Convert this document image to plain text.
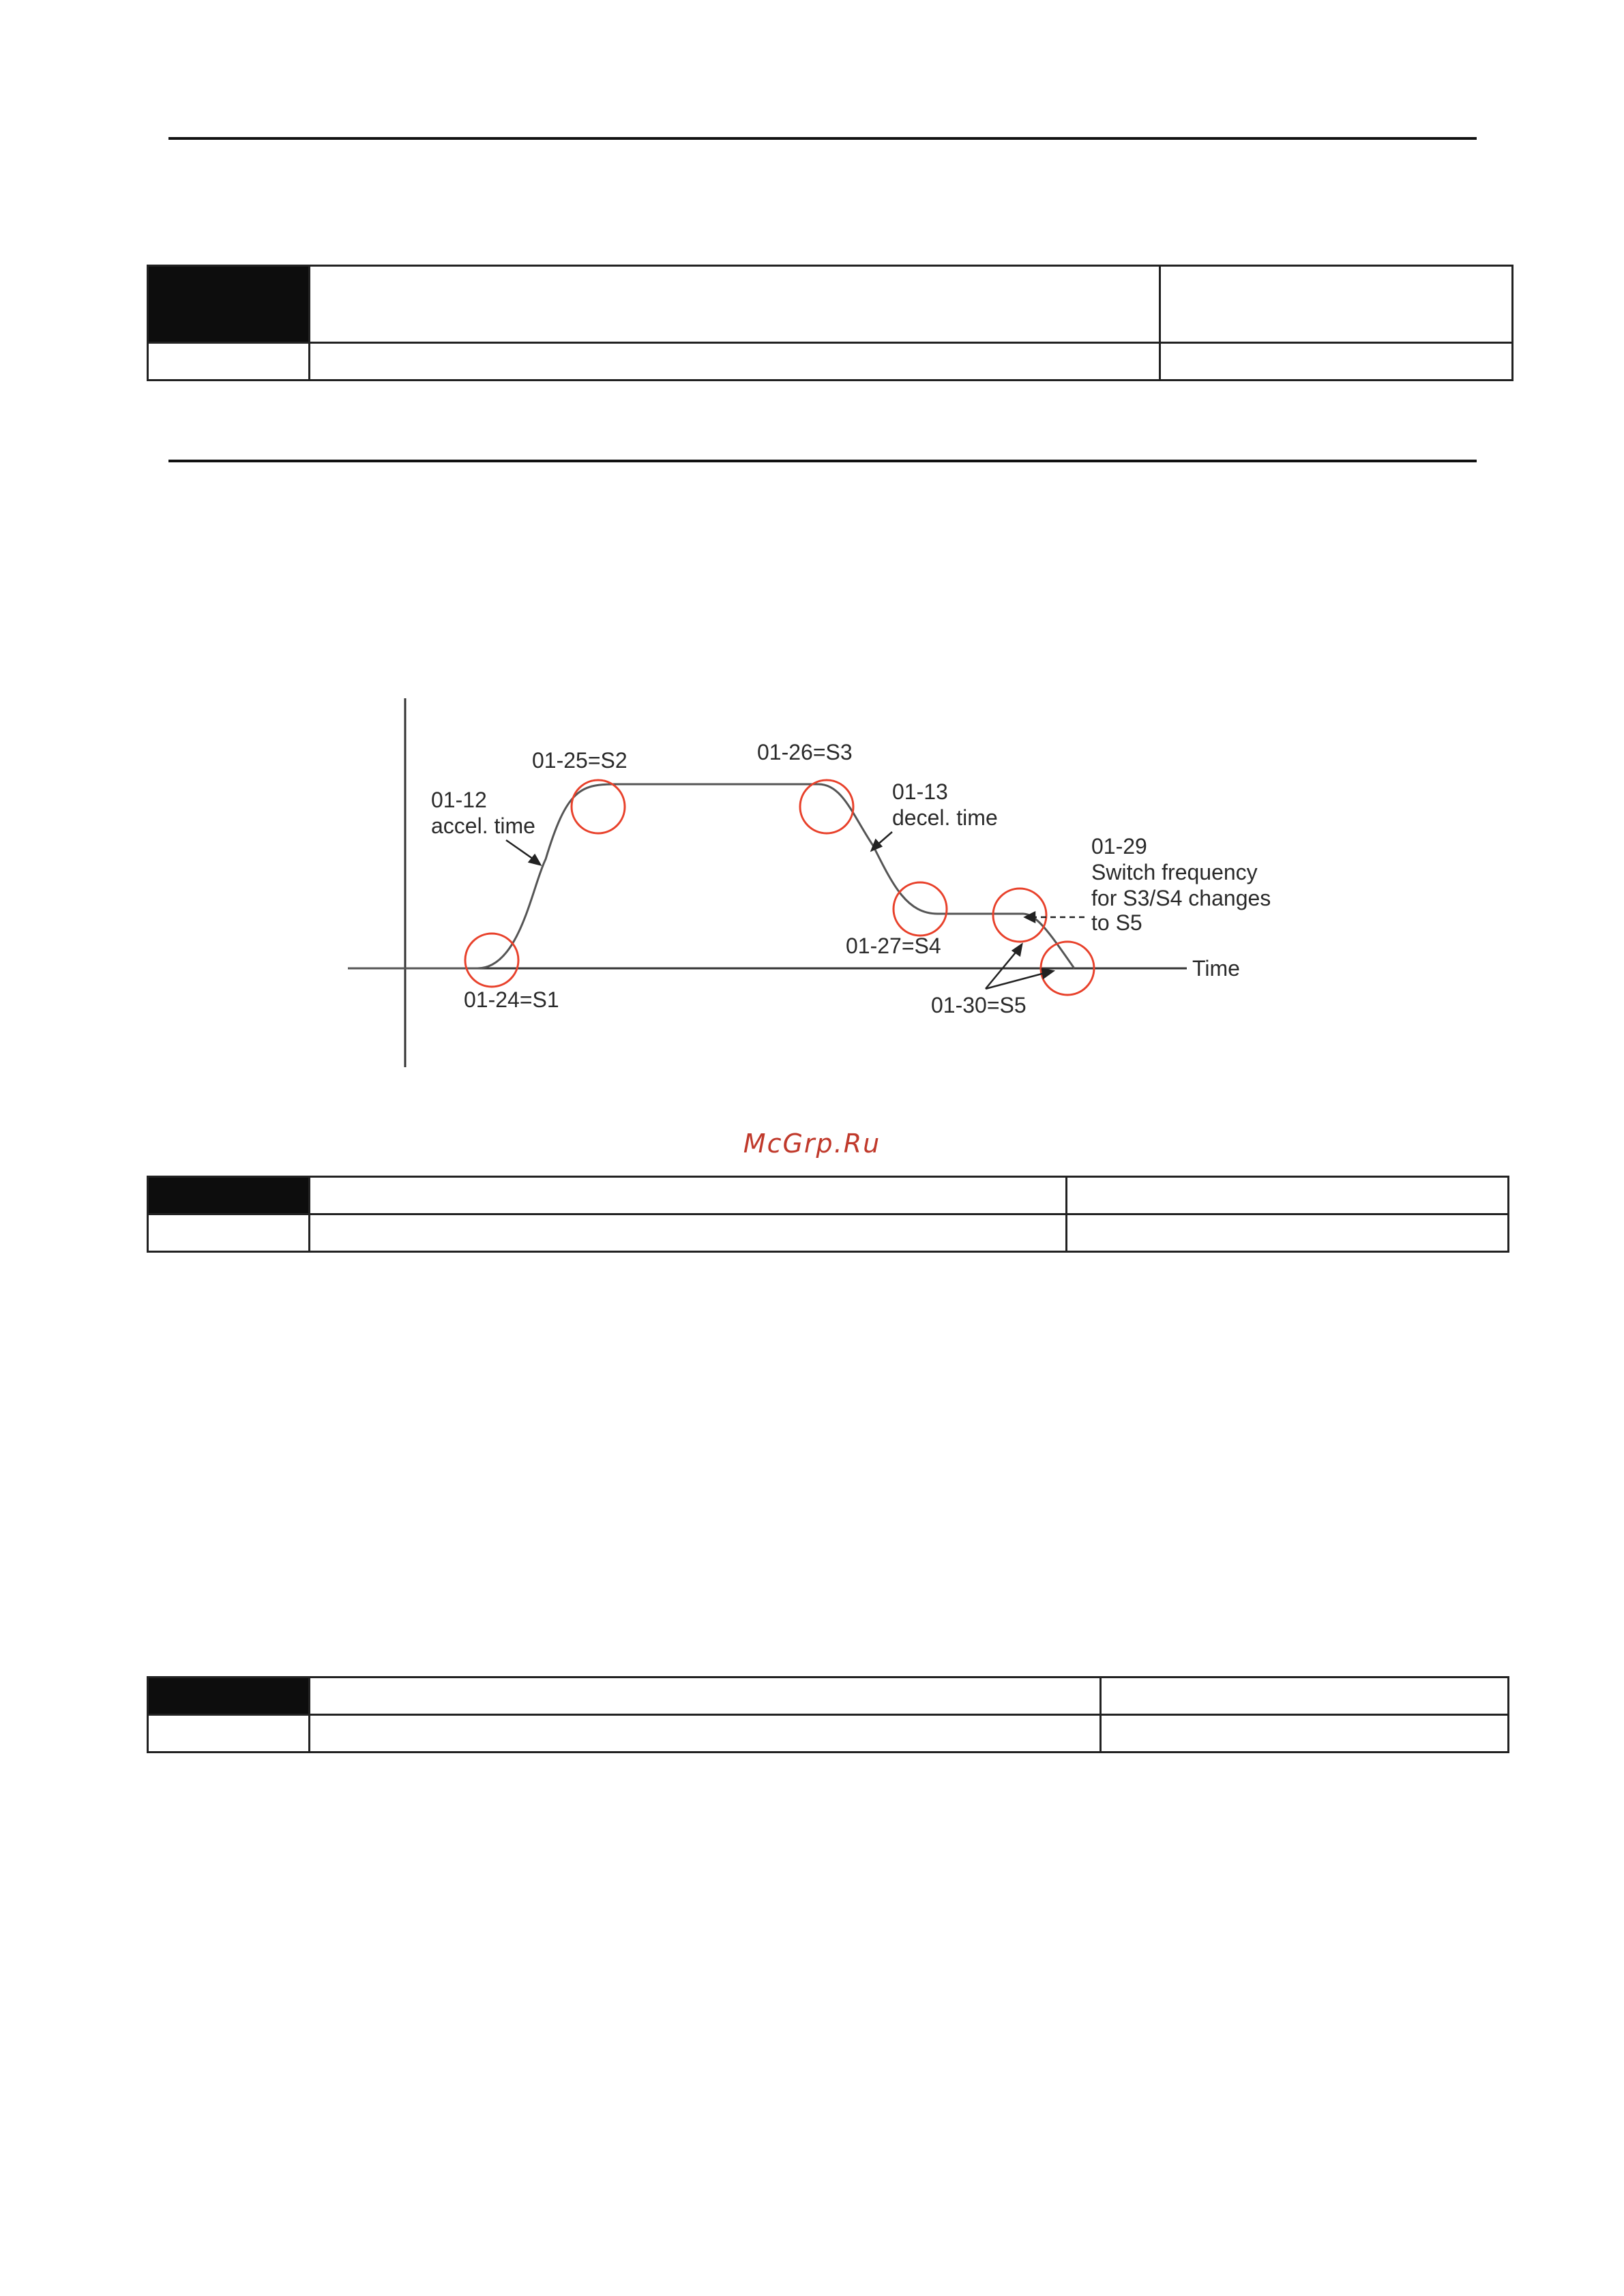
Time
01-25=S2	01-26=S3
01-12
accel. time
01-13
decel. time
01-29
Switch frequency
for S3/S4 changes
to S5
01-27=S4
01-24=S1	01-30=S5
McGrp.Ru
